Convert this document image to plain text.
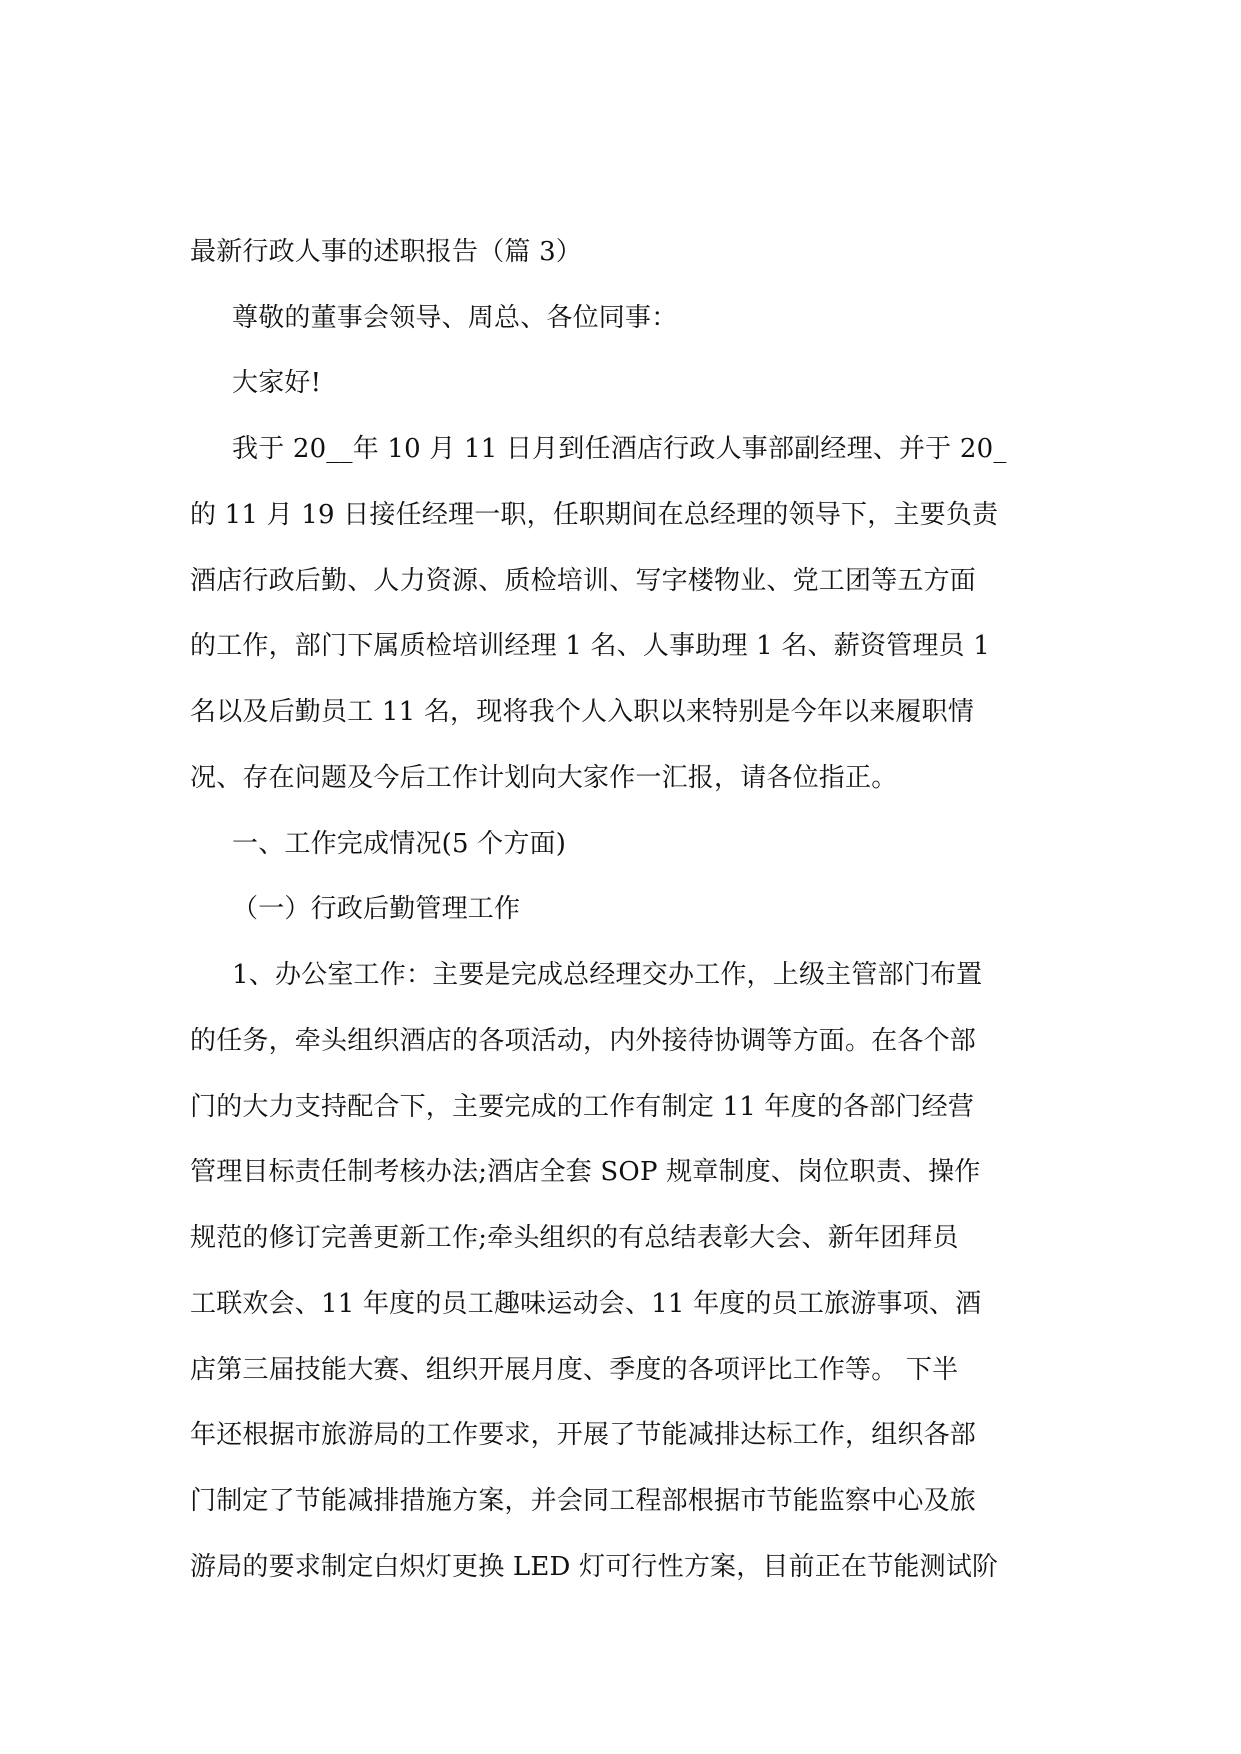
最新行政人事的述职报告（篇 3）
尊敬的董事会领导、周总、各位同事：
大家好!
我于 20__年 10 月 11 日月到任酒店行政人事部副经理、并于 20_
的 11 月 19 日接任经理一职，任职期间在总经理的领导下，主要负责
酒店行政后勤、人力资源、质检培训、写字楼物业、党工团等五方面
的工作，部门下属质检培训经理 1 名、人事助理 1 名、薪资管理员 1
名以及后勤员工 11 名，现将我个人入职以来特别是今年以来履职情
况、存在问题及今后工作计划向大家作一汇报，请各位指正。
一、工作完成情况(5 个方面)
（一）行政后勤管理工作
1、办公室工作：主要是完成总经理交办工作，上级主管部门布置
的任务，牵头组织酒店的各项活动，内外接待协调等方面。在各个部
门的大力支持配合下，主要完成的工作有制定 11 年度的各部门经营
管理目标责任制考核办法;酒店全套 SOP 规章制度、岗位职责、操作
规范的修订完善更新工作;牵头组织的有总结表彰大会、新年团拜员
工联欢会、11 年度的员工趣味运动会、11 年度的员工旅游事项、酒
店第三届技能大赛、组织开展月度、季度的各项评比工作等。 下半
年还根据市旅游局的工作要求，开展了节能减排达标工作，组织各部
门制定了节能减排措施方案，并会同工程部根据市节能监察中心及旅
游局的要求制定白炽灯更换 LED 灯可行性方案，目前正在节能测试阶
